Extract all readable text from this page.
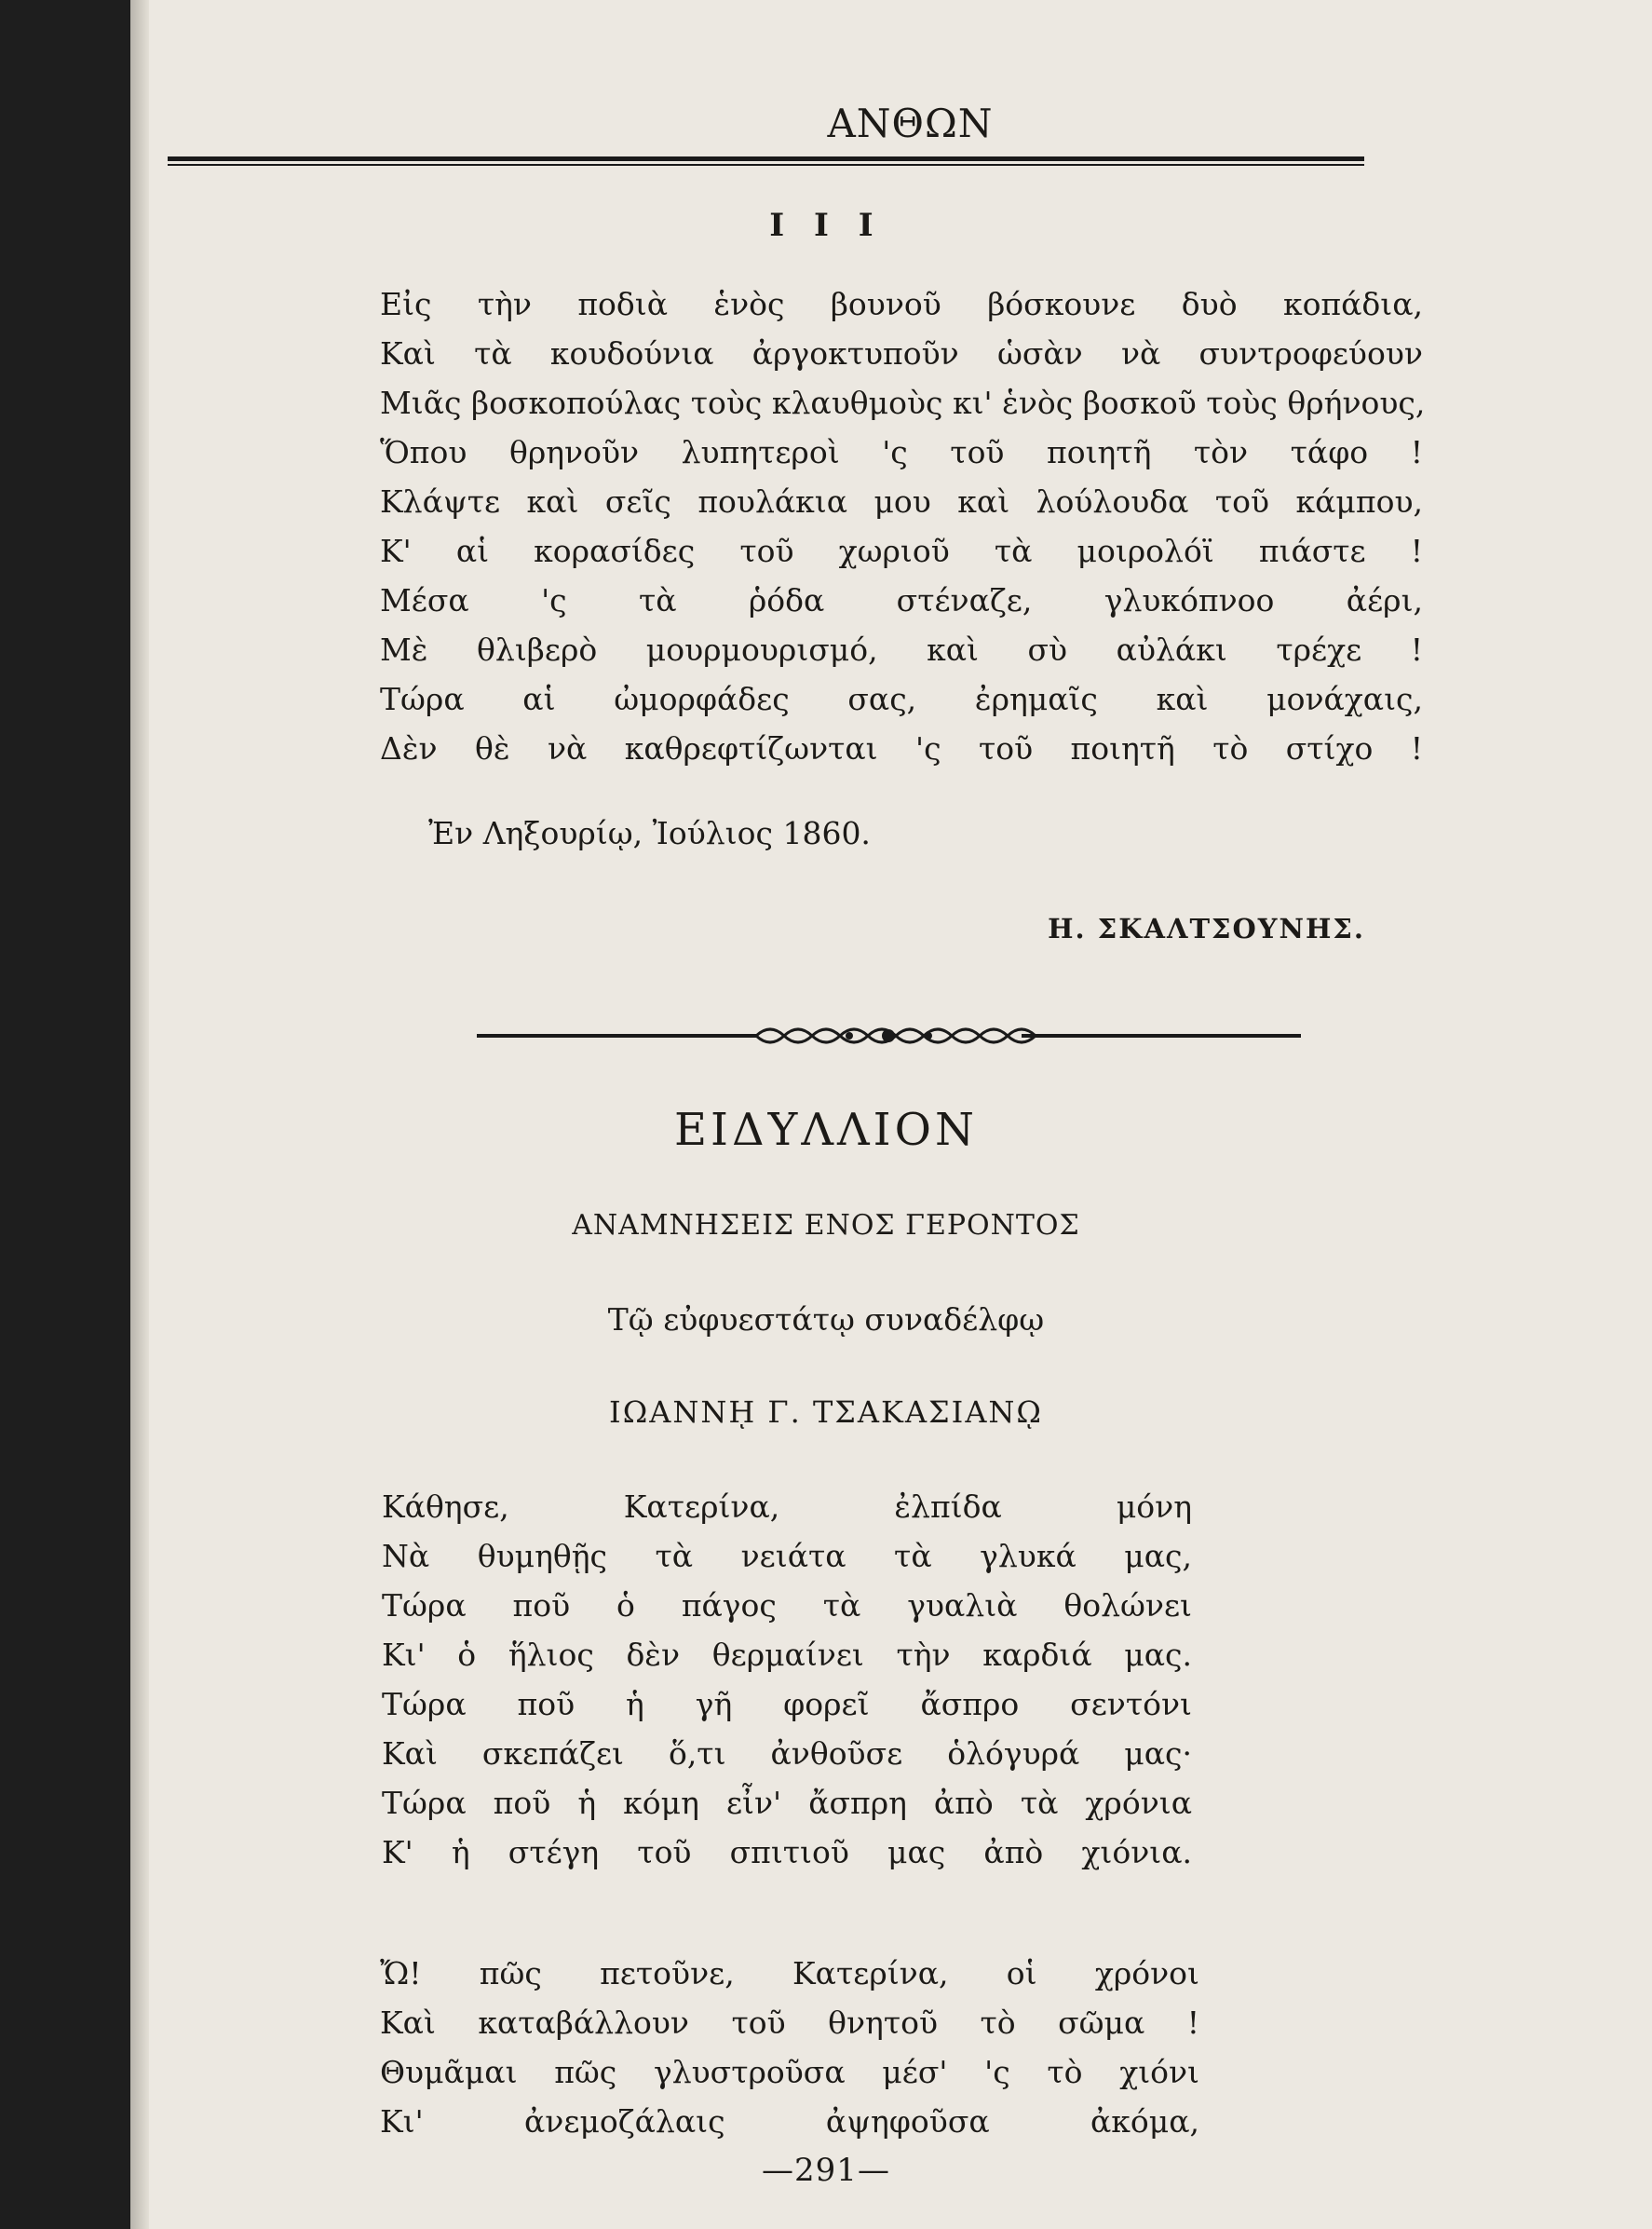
ΑΝΘΩΝ
I I I
Εἰς τὴν ποδιὰ ἑνὸς βουνοῦ βόσκουνε δυὸ κοπάδια,
Καὶ τὰ κουδούνια ἀργοκτυποῦν ὡσὰν νὰ συντροφεύουν
Μιᾶς βοσκοπούλας τοὺς κλαυθμοὺς κι' ἑνὸς βοσκοῦ τοὺς θρήνους,
Ὅπου θρηνοῦν λυπητεροὶ 'ς τοῦ ποιητῆ τὸν τάφο !
Κλάψτε καὶ σεῖς πουλάκια μου καὶ λούλουδα τοῦ κάμπου,
Κ' αἱ κορασίδες τοῦ χωριοῦ τὰ μοιρολόϊ πιάστε !
Μέσα 'ς τὰ ῥόδα στέναζε, γλυκόπνοο ἀέρι,
Μὲ θλιβερὸ μουρμουρισμό, καὶ σὺ αὐλάκι τρέχε !
Τώρα αἱ ὠμορφάδες σας, ἐρημαῖς καὶ μονάχαις,
Δὲν θὲ νὰ καθρεφτίζωνται 'ς τοῦ ποιητῆ τὸ στίχο !
Ἐν Ληξουρίῳ, Ἰούλιος 1860.
Η. ΣΚΑΛΤΣΟΥΝΗΣ.
ΕΙΔΥΛΛΙΟΝ
ΑΝΑΜΝΗΣΕΙΣ ΕΝΟΣ ΓΕΡΟΝΤΟΣ
Τῷ εὐφυεστάτῳ συναδέλφῳ
ΙΩΑΝΝῌ Γ. ΤΣΑΚΑΣΙΑΝῼ
Κάθησε, Κατερίνα, ἐλπίδα μόνη
Νὰ θυμηθῇς τὰ νειάτα τὰ γλυκά μας,
Τώρα ποῦ ὁ πάγος τὰ γυαλιὰ θολώνει
Κι' ὁ ἥλιος δὲν θερμαίνει τὴν καρδιά μας.
Τώρα ποῦ ἡ γῆ φορεῖ ἄσπρο σεντόνι
Καὶ σκεπάζει ὅ,τι ἀνθοῦσε ὁλόγυρά μας·
Τώρα ποῦ ἡ κόμη εἶν' ἄσπρη ἀπὸ τὰ χρόνια
Κ' ἡ στέγη τοῦ σπιτιοῦ μας ἀπὸ χιόνια.
Ὤ! πῶς πετοῦνε, Κατερίνα, οἱ χρόνοι
Καὶ καταβάλλουν τοῦ θνητοῦ τὸ σῶμα !
Θυμᾶμαι πῶς γλυστροῦσα μέσ' 'ς τὸ χιόνι
Κι' ἀνεμοζάλαις ἀψηφοῦσα ἀκόμα,
—291—
